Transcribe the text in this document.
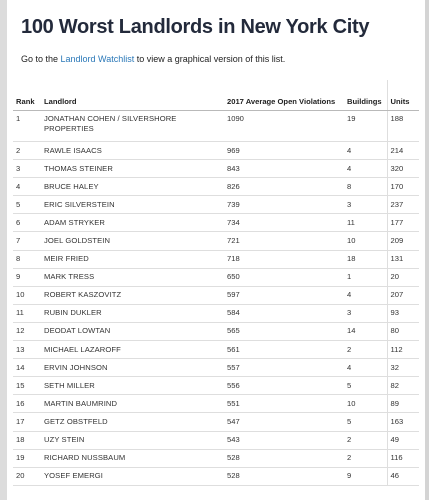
100 Worst Landlords in New York City
Go to the Landlord Watchlist to view a graphical version of this list.
Rank	Landlord	2017 Average Open Violations	Buildings	Units
1	JONATHAN COHEN / SILVERSHORE PROPERTIES	1090	19	188
2	RAWLE ISAACS	969	4	214
3	THOMAS STEINER	843	4	320
4	BRUCE HALEY	826	8	170
5	ERIC SILVERSTEIN	739	3	237
6	ADAM STRYKER	734	11	177
7	JOEL GOLDSTEIN	721	10	209
8	MEIR FRIED	718	18	131
9	MARK TRESS	650	1	20
10	ROBERT KASZOVITZ	597	4	207
11	RUBIN DUKLER	584	3	93
12	DEODAT LOWTAN	565	14	80
13	MICHAEL LAZAROFF	561	2	112
14	ERVIN JOHNSON	557	4	32
15	SETH MILLER	556	5	82
16	MARTIN BAUMRIND	551	10	89
17	GETZ OBSTFELD	547	5	163
18	UZY STEIN	543	2	49
19	RICHARD NUSSBAUM	528	2	116
20	YOSEF EMERGI	528	9	46
